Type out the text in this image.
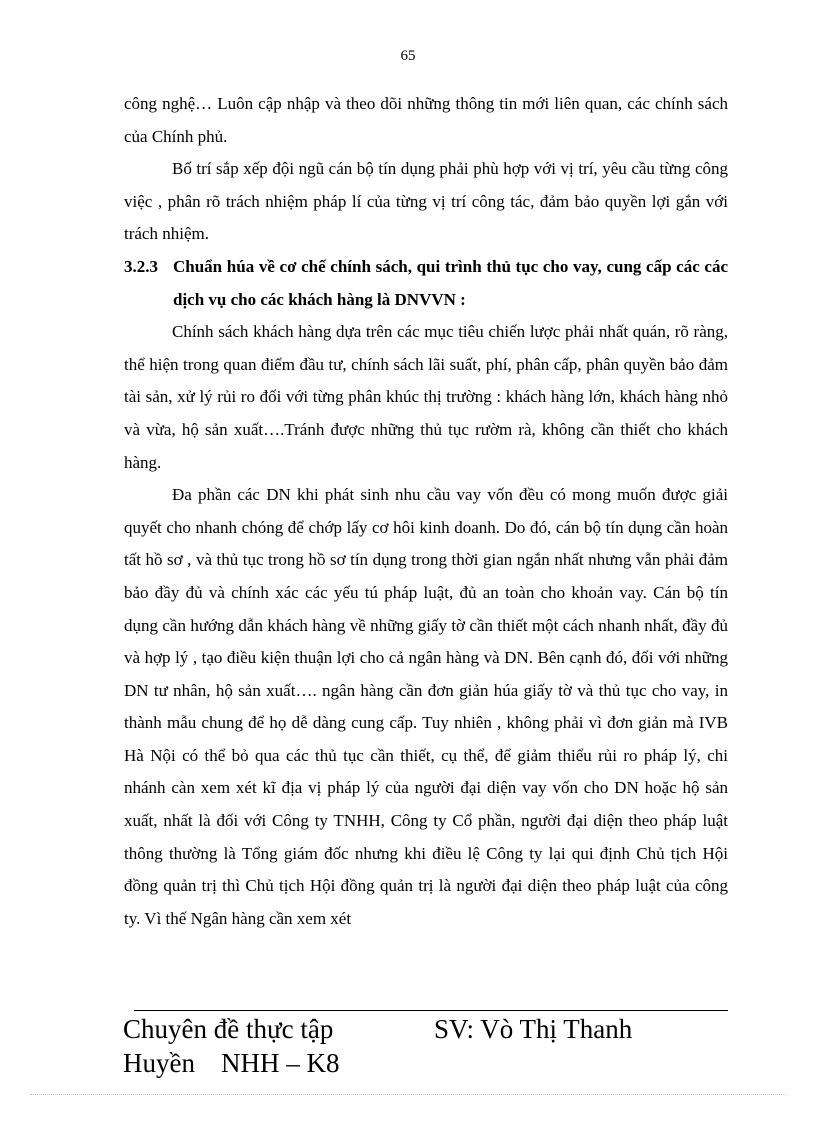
65

công nghệ… Luôn cập nhập và theo dõi những thông tin mới liên quan, các chính sách của Chính phủ.

Bố trí sắp xếp đội ngũ cán bộ tín dụng phải phù hợp với vị trí, yêu cầu từng công việc , phân rõ trách nhiệm pháp lí của từng vị trí công tác, đảm bảo quyền lợi gắn với trách nhiệm.

3.2.3 Chuẩn húa về cơ chế chính sách, qui trình thủ tục cho vay, cung cấp các các dịch vụ cho các khách hàng là DNVVN :

Chính sách khách hàng dựa trên các mục tiêu chiến lược phải nhất quán, rõ ràng, thể hiện trong quan điểm đầu tư, chính sách lãi suất, phí, phân cấp, phân quyền bảo đảm tài sản, xử lý rủi ro đối với từng phân khúc thị trường : khách hàng lớn, khách hàng nhỏ và vừa, hộ sản xuất….Tránh được những thủ tục rườm rà, không cần thiết cho khách hàng.

Đa phần các DN khi phát sinh nhu cầu vay vốn đều có mong muốn được giải quyết cho nhanh chóng để chớp lấy cơ hôi kinh doanh. Do đó, cán bộ tín dụng cần hoàn tất hồ sơ , và thủ tục trong hồ sơ tín dụng trong thời gian ngắn nhất nhưng vẫn phải đảm bảo đầy đủ và chính xác các yếu tú pháp luật, đủ an toàn cho khoản vay. Cán bộ tín dụng cần hướng dẫn khách hàng về những giấy tờ cần thiết một cách nhanh nhất, đầy đủ và hợp lý , tạo điều kiện thuận lợi cho cả ngân hàng và DN. Bên cạnh đó, đối với những DN tư nhân, hộ sản xuất…. ngân hàng cần đơn giản húa giấy tờ và thủ tục cho vay, in thành mẫu chung để họ dễ dàng cung cấp. Tuy nhiên , không phải vì đơn giản mà IVB Hà Nội có thể bỏ qua các thủ tục cần thiết, cụ thể, để giảm thiểu rủi ro pháp lý, chi nhánh càn xem xét kĩ địa vị pháp lý của người đại diện vay vốn cho DN hoặc hộ sản xuất, nhất là đối với Công ty TNHH, Công ty Cổ phần, người đại diện theo pháp luật thông thường là Tổng giám đốc nhưng khi điều lệ Công ty lại qui định Chủ tịch Hội đồng quản trị thì Chủ tịch Hội đồng quản trị là người đại diện theo pháp luật của công ty. Vì thế Ngân hàng cần xem xét

Chuyên đề thực tập	SV: Vò Thị Thanh
Huyền NHH – K8
